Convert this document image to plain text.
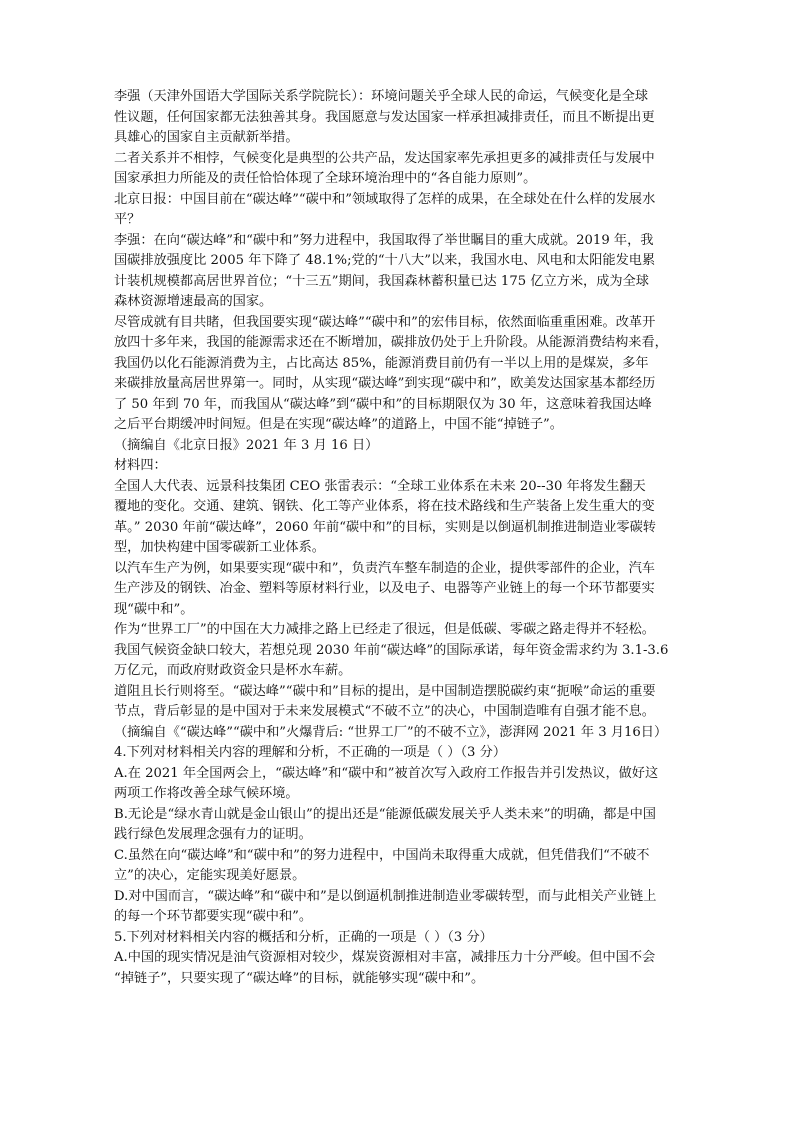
李强（天津外国语大学国际关系学院院长）：环境问题关乎全球人民的命运，气候变化是全球
性议题，任何国家都无法独善其身。我国愿意与发达国家一样承担减排责任，而且不断提出更
具雄心的国家自主贡献新举措。
二者关系并不相悖，气候变化是典型的公共产品，发达国家率先承担更多的减排责任与发展中
国家承担力所能及的责任恰恰体现了全球环境治理中的“各自能力原则”。
北京日报：中国目前在“碳达峰”“碳中和”领域取得了怎样的成果，在全球处在什么样的发展水
平？
李强：在向“碳达峰”和“碳中和”努力进程中，我国取得了举世瞩目的重大成就。2019 年，我
国碳排放强度比 2005 年下降了 48.1%;党的“十八大”以来，我国水电、风电和太阳能发电累
计装机规模都高居世界首位；“十三五”期间，我国森林蓄积量已达 175 亿立方米，成为全球
森林资源增速最高的国家。
尽管成就有目共睹，但我国要实现“碳达峰”“碳中和”的宏伟目标，依然面临重重困难。改革开
放四十多年来，我国的能源需求还在不断增加，碳排放仍处于上升阶段。从能源消费结构来看，
我国仍以化石能源消费为主，占比高达 85%，能源消费目前仍有一半以上用的是煤炭，多年
来碳排放量高居世界第一。同时，从实现“碳达峰”到实现“碳中和”，欧美发达国家基本都经历
了 50 年到 70 年，而我国从“碳达峰”到“碳中和”的目标期限仅为 30 年，这意味着我国达峰
之后平台期缓冲时间短。但是在实现“碳达峰”的道路上，中国不能“掉链子”。
（摘编自《北京日报》2021 年 3 月 16 日）
材料四：
全国人大代表、远景科技集团 CEO 张雷表示：“全球工业体系在未来 20--30 年将发生翻天
覆地的变化。交通、建筑、钢铁、化工等产业体系，将在技术路线和生产装备上发生重大的变
革。” 2030 年前“碳达峰”，2060 年前“碳中和”的目标，实则是以倒逼机制推进制造业零碳转
型，加快构建中国零碳新工业体系。
以汽车生产为例，如果要实现“碳中和”，负责汽车整车制造的企业，提供零部件的企业，汽车
生产涉及的钢铁、冶金、塑料等原材料行业，以及电子、电器等产业链上的每一个环节都要实
现“碳中和”。
作为“世界工厂”的中国在大力减排之路上已经走了很远，但是低碳、零碳之路走得并不轻松。
我国气候资金缺口较大，若想兑现 2030 年前“碳达峰”的国际承诺，每年资金需求约为 3.1-3.6
万亿元，而政府财政资金只是杯水车薪。
道阻且长行则将至。“碳达峰”“碳中和”目标的提出，是中国制造摆脱碳约束“扼喉”命运的重要
节点，背后彰显的是中国对于未来发展模式“不破不立”的决心，中国制造唯有自强才能不息。
（摘编自《“碳达峰”“碳中和”火爆背后: “世界工厂”的不破不立》，澎湃网 2021 年 3 月16日）
4.下列对材料相关内容的理解和分析，不正确的一项是（ ）（3 分）
A.在 2021 年全国两会上，“碳达峰”和“碳中和”被首次写入政府工作报告并引发热议，做好这
两项工作将改善全球气候环境。
B.无论是“绿水青山就是金山银山”的提出还是“能源低碳发展关乎人类未来”的明确，都是中国
践行绿色发展理念强有力的证明。
C.虽然在向“碳达峰”和“碳中和”的努力进程中，中国尚未取得重大成就，但凭借我们“不破不
立”的决心，定能实现美好愿景。
D.对中国而言，“碳达峰”和“碳中和”是以倒逼机制推进制造业零碳转型，而与此相关产业链上
的每一个环节都要实现“碳中和”。
5.下列对材料相关内容的概括和分析，正确的一项是（ ）（3 分）
A.中国的现实情况是油气资源相对较少，煤炭资源相对丰富，减排压力十分严峻。但中国不会
“掉链子”，只要实现了“碳达峰”的目标，就能够实现“碳中和”。
